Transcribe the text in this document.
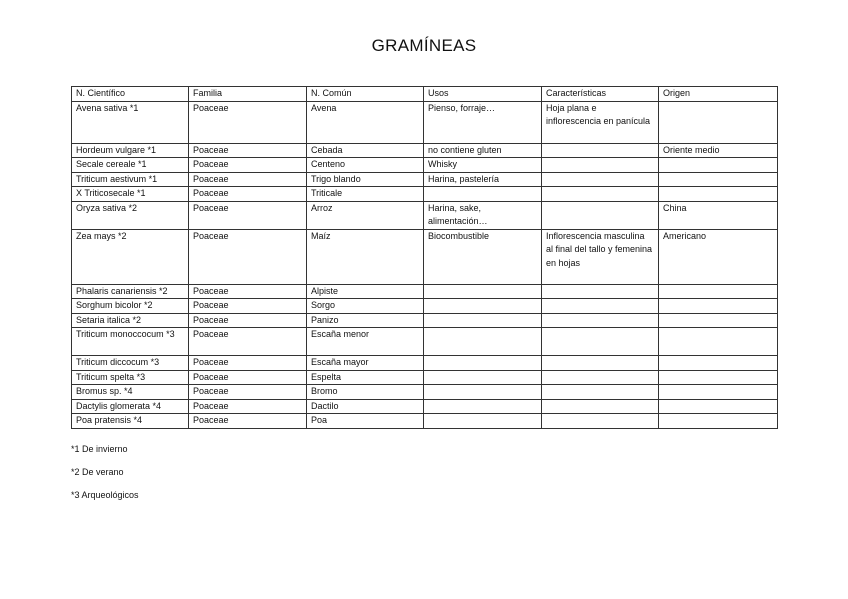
GRAMÍNEAS
N. Científico	Familia	N. Común	Usos	Características	Origen
Avena sativa *1	Poaceae	Avena	Pienso, forraje…	Hoja plana e inflorescencia en panícula	
Hordeum vulgare *1	Poaceae	Cebada	no contiene gluten		Oriente medio
Secale cereale *1	Poaceae	Centeno	Whisky		
Triticum aestivum *1	Poaceae	Trigo blando	Harina, pastelería		
X Triticosecale *1	Poaceae	Triticale			
Oryza sativa *2	Poaceae	Arroz	Harina, sake, alimentación…		China
Zea mays *2	Poaceae	Maíz	Biocombustible	Inflorescencia masculina al final del tallo y femenina en hojas	Americano
Phalaris canariensis *2	Poaceae	Alpiste			
Sorghum bicolor *2	Poaceae	Sorgo			
Setaria italica *2	Poaceae	Panizo			
Triticum monoccocum *3	Poaceae	Escaña menor			
Triticum diccocum *3	Poaceae	Escaña mayor			
Triticum spelta *3	Poaceae	Espelta			
Bromus sp. *4	Poaceae	Bromo			
Dactylis glomerata *4	Poaceae	Dactilo			
Poa pratensis *4	Poaceae	Poa			
*1 De invierno
*2 De verano
*3 Arqueológicos
